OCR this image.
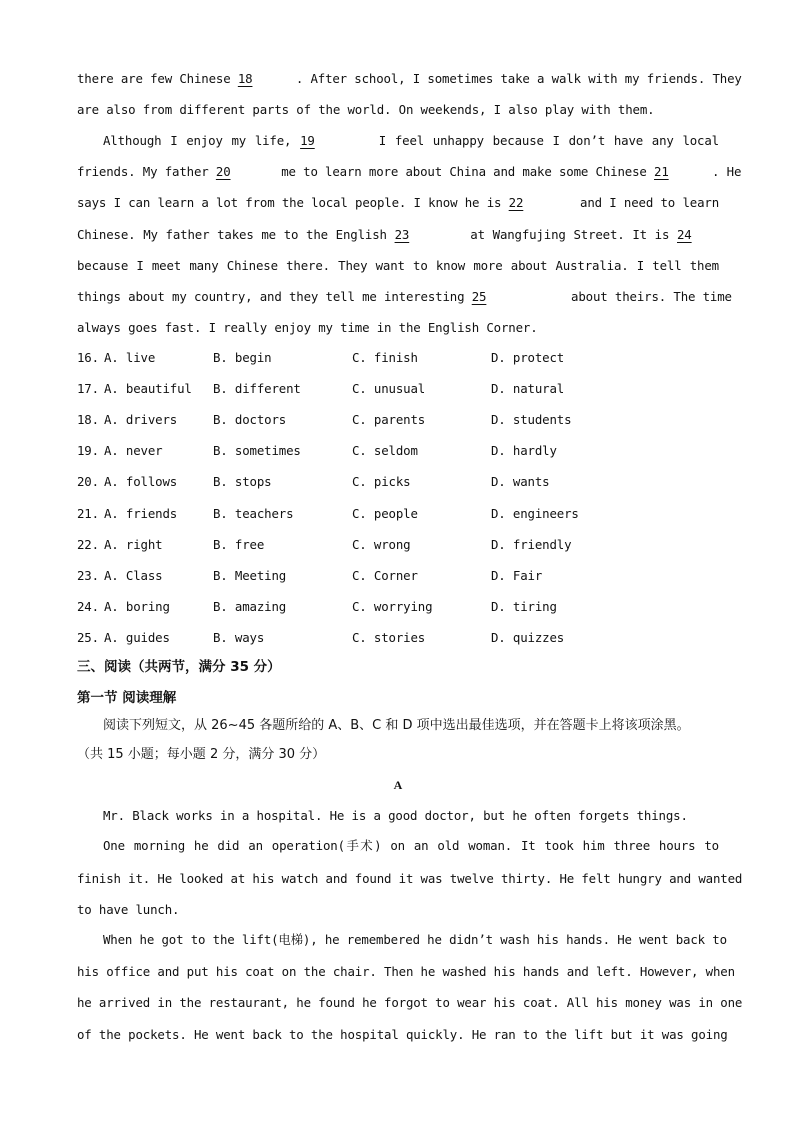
there are few Chinese 18	. After school, I sometimes take a walk with my friends. They
are also from different parts of the world. On weekends, I also play with them.
Although I enjoy my life, 19	I feel unhappy because I don’t have any local
friends. My father 20	me to learn more about China and make some Chinese 21	. He
says I can learn a lot from the local people. I know he is 22	and I need to learn
Chinese. My father takes me to the English 23	at Wangfujing Street. It is 24
because I meet many Chinese there. They want to know more about Australia. I tell them
things about my country, and they tell me interesting 25	about theirs. The time
always goes fast. I really enjoy my time in the English Corner.
16. A. live	B. begin	C. finish	D. protect
17. A. beautiful B. different	C. unusual	D. natural
18. A. drivers	B. doctors	C. parents	D. students
19. A. never	B. sometimes	C. seldom	D. hardly
20. A. follows	B. stops	C. picks	D. wants
21. A. friends	B. teachers	C. people	D. engineers
22. A. right	B. free	C. wrong	D. friendly
23. A. Class	B. Meeting	C. Corner	D. Fair
24. A. boring	B. amazing	C. worrying	D. tiring
25. A. guides	B. ways	C. stories	D. quizzes
三、阅读（共两节，满分 35 分）
第一节 阅读理解
阅读下列短文，从 26~45 各题所给的 A、B、C 和 D 项中选出最佳选项，并在答题卡上将该项涂黑。
（共 15 小题；每小题 2 分，满分 30 分）
A
Mr. Black works in a hospital. He is a good doctor, but he often forgets things.
One morning he did an operation(手术) on an old woman. It took him three hours to
finish it. He looked at his watch and found it was twelve thirty. He felt hungry and wanted
to have lunch.
When he got to the lift(电梯), he remembered he didn’t wash his hands. He went back to
his office and put his coat on the chair. Then he washed his hands and left. However, when
he arrived in the restaurant, he found he forgot to wear his coat. All his money was in one
of the pockets. He went back to the hospital quickly. He ran to the lift but it was going
